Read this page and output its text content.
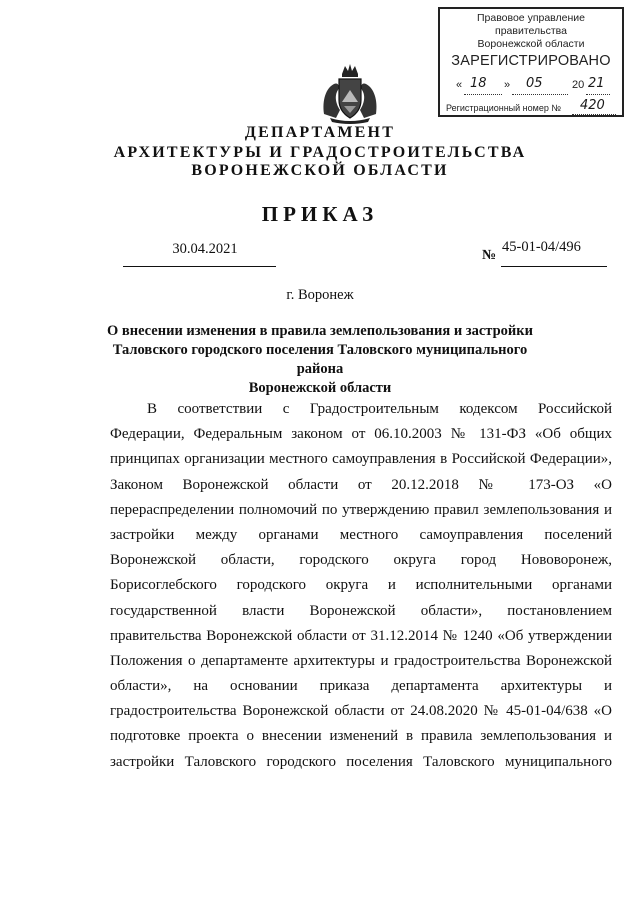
Правовое управление правительства
Воронежской области
ЗАРЕГИСТРИРОВАНО
« 18 » 05	20 21
Регистрационный номер № 420
ДЕПАРТАМЕНТ
АРХИТЕКТУРЫ И ГРАДОСТРОИТЕЛЬСТВА
ВОРОНЕЖСКОЙ ОБЛАСТИ
ПРИКАЗ
30.04.2021	№
45-01-04/496
г. Воронеж
О внесении изменения в правила землепользования и застройки
Таловского городского поселения Таловского муниципального района
Воронежской области
В соответствии с Градостроительным кодексом Российской
Федерации, Федеральным законом от 06.10.2003 № 131-ФЗ «Об общих
принципах организации местного самоуправления в Российской Федерации»,
Законом Воронежской области от 20.12.2018 № 173-ОЗ «О
перераспределении полномочий по утверждению правил землепользования и
застройки между органами местного самоуправления поселений
Воронежской области, городского округа город Нововоронеж,
Борисоглебского городского округа и исполнительными органами
государственной власти Воронежской области», постановлением
правительства Воронежской области от 31.12.2014 № 1240 «Об утверждении
Положения о департаменте архитектуры и градостроительства Воронежской
области», на основании приказа департамента архитектуры и
градостроительства Воронежской области от 24.08.2020 № 45-01-04/638 «О
подготовке проекта о внесении изменений в правила землепользования и
застройки Таловского городского поселения Таловского муниципального
